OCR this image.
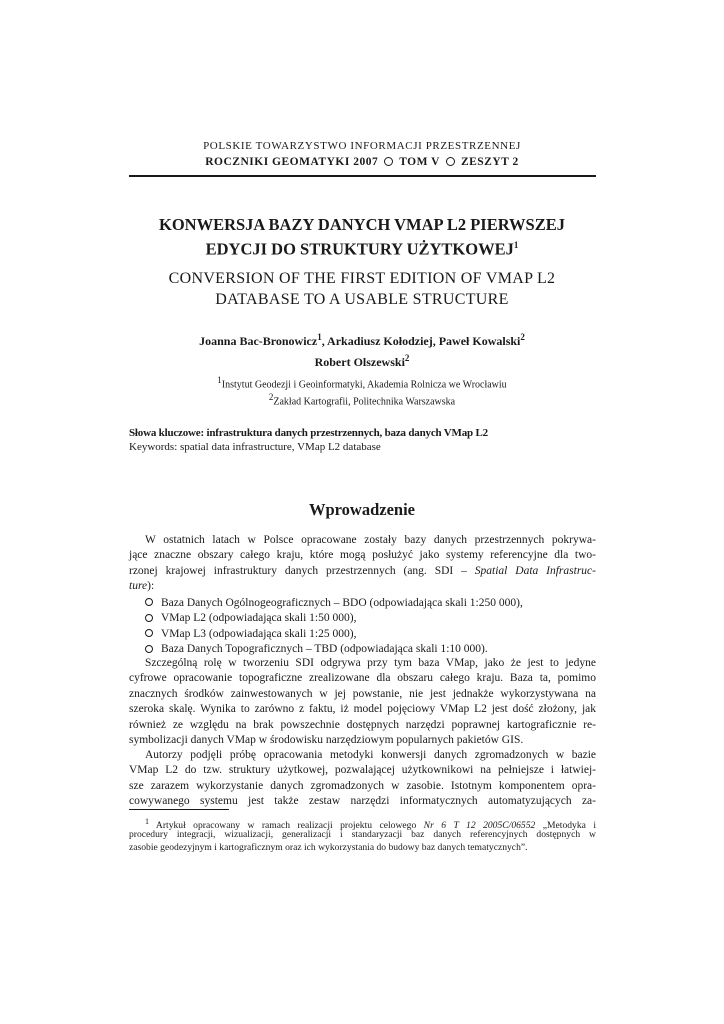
POLSKIE TOWARZYSTWO INFORMACJI PRZESTRZENNEJ
ROCZNIKI GEOMATYKI 2007 TOM V ZESZYT 2
KONWERSJA BAZY DANYCH VMAP L2 PIERWSZEJ
EDYCJI DO STRUKTURY UŻYTKOWEJ$^1$
CONVERSION OF THE FIRST EDITION OF VMAP L2
DATABASE TO A USABLE STRUCTURE
Joanna Bac-Bronowicz$^1$, Arkadiusz Kołodziej, Paweł Kowalski$^2$
Robert Olszewski$^2$
$^1$Instytut Geodezji i Geoinformatyki, Akademia Rolnicza we Wrocławiu
$^2$Zakład Kartografii, Politechnika Warszawska
Słowa kluczowe: infrastruktura danych przestrzennych, baza danych VMap L2
Keywords: spatial data infrastructure, VMap L2 database
Wprowadzenie
W ostatnich latach w Polsce opracowane zostały bazy danych przestrzennych pokrywa-
jące znaczne obszary całego kraju, które mogą posłużyć jako systemy referencyjne dla two-
rzonej krajowej infrastruktury danych przestrzennych (ang. SDI – Spatial Data Infrastruc-
ture):
Baza Danych Ogólnogeograficznych – BDO (odpowiadająca skali 1:250 000),
VMap L2 (odpowiadająca skali 1:50 000),
VMap L3 (odpowiadająca skali 1:25 000),
Baza Danych Topograficznych – TBD (odpowiadająca skali 1:10 000).
Szczególną rolę w tworzeniu SDI odgrywa przy tym baza VMap, jako że jest to jedyne
cyfrowe opracowanie topograficzne zrealizowane dla obszaru całego kraju. Baza ta, pomimo
znacznych środków zainwestowanych w jej powstanie, nie jest jednakże wykorzystywana na
szeroka skalę. Wynika to zarówno z faktu, iż model pojęciowy VMap L2 jest dość złożony, jak
również ze względu na brak powszechnie dostępnych narzędzi poprawnej kartograficznie re-
symbolizacji danych VMap w środowisku narzędziowym popularnych pakietów GIS.
Autorzy podjęli próbę opracowania metodyki konwersji danych zgromadzonych w bazie
VMap L2 do tzw. struktury użytkowej, pozwalającej użytkownikowi na pełniejsze i łatwiej-
sze zarazem wykorzystanie danych zgromadzonych w zasobie. Istotnym komponentem opra-
cowywanego systemu jest także zestaw narzędzi informatycznych automatyzujących za-
$^1$ Artykuł opracowany w ramach realizacji projektu celowego Nr 6 T 12 2005C/06552 „Metodyka i
procedury integracji, wizualizacji, generalizacji i standaryzacji baz danych referencyjnych dostępnych w
zasobie geodezyjnym i kartograficznym oraz ich wykorzystania do budowy baz danych tematycznych”.
